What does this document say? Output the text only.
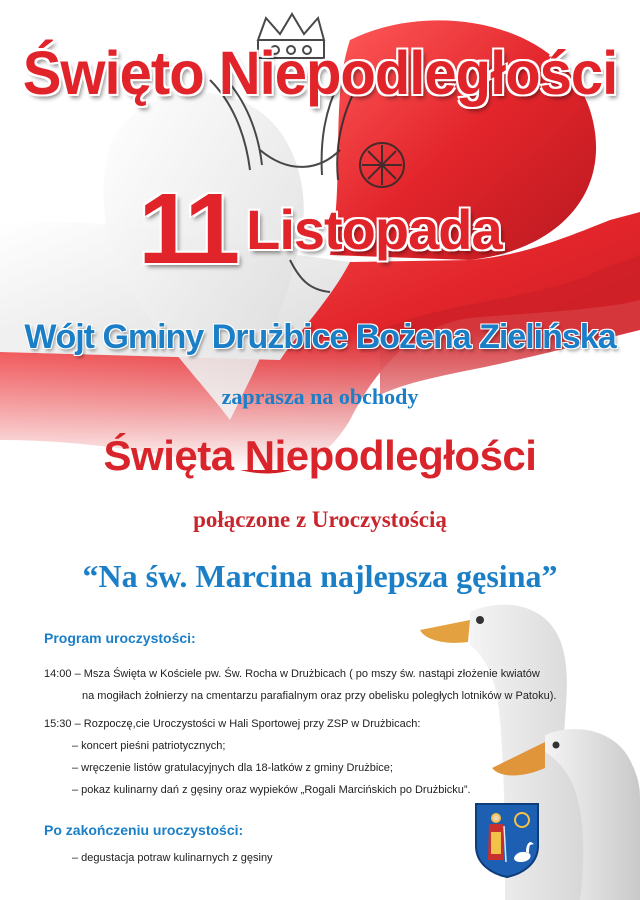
Święto Niepodległości
11 Listopada
Wójt Gminy Drużbice Bożena Zielińska
zaprasza na obchody
Święta Niepodległości
połączone z Uroczystością
“Na św. Marcina najlepsza gęsina”
Program uroczystości:
14:00 – Msza Święta w Kościele pw. Św. Rocha w Drużbicach ( po mszy św. nastąpi złożenie kwiatów
na mogiłach żołnierzy na cmentarzu parafialnym oraz przy obelisku poległych lotników w Patoku).
15:30 – Rozpoczę,cie Uroczystości w Hali Sportowej przy ZSP w Drużbicach:
– koncert pieśni patriotycznych;
– wręczenie listów gratulacyjnych dla 18-latków z gminy Drużbice;
– pokaz kulinarny dań z gęsiny oraz wypieków „Rogali Marcińskich po Drużbicku”.
Po zakończeniu uroczystości:
– degustacja potraw kulinarnych z gęsiny
